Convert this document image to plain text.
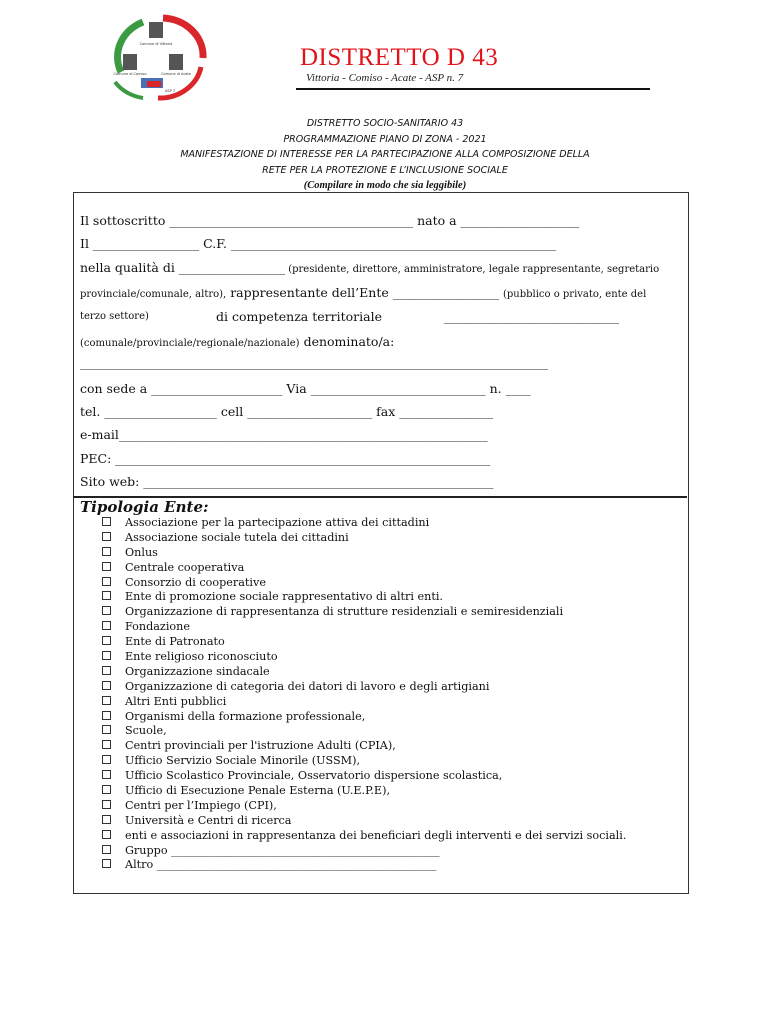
Comune di Vittoria
Comune di Comiso	Comune di Acate
ASP 7
DISTRETTO D 43
Vittoria - Comiso - Acate - ASP n. 7
DISTRETTO SOCIO-SANITARIO 43
PROGRAMMAZIONE PIANO DI ZONA - 2021
MANIFESTAZIONE DI INTERESSE PER LA PARTECIPAZIONE ALLA COMPOSIZIONE DELLA
RETE PER LA PROTEZIONE E L’INCLUSIONE SOCIALE
(Compilare in modo che sia leggibile)
Il sottoscritto _______________________________________ nato a ___________________
Il _________________ C.F. ____________________________________________________
nella qualità di _________________ (presidente, direttore, amministratore, legale rappresentante, segretario
provinciale/comunale, altro), rappresentante dell’Ente _________________ (pubblico o privato, ente del
terzo settore)	di competenza territoriale	____________________________
(comunale/provinciale/regionale/nazionale) denominato/a:
______________________________________________________________________________
con sede a _____________________ Via ____________________________ n. ____
tel. __________________ cell ____________________ fax _______________
e-mail___________________________________________________________
PEC: ____________________________________________________________
Sito web: ________________________________________________________
Tipologia Ente:
Associazione per la partecipazione attiva dei cittadini
Associazione sociale tutela dei cittadini
Onlus
Centrale cooperativa
Consorzio di cooperative
Ente di promozione sociale rappresentativo di altri enti.
Organizzazione di rappresentanza di strutture residenziali e semiresidenziali
Fondazione
Ente di Patronato
Ente religioso riconosciuto
Organizzazione sindacale
Organizzazione di categoria dei datori di lavoro e degli artigiani
Altri Enti pubblici
Organismi della formazione professionale,
Scuole,
Centri provinciali per l'istruzione Adulti (CPIA),
Ufficio Servizio Sociale Minorile (USSM),
Ufficio Scolastico Provinciale, Osservatorio dispersione scolastica,
Ufficio di Esecuzione Penale Esterna (U.E.P.E),
Centri per l’Impiego (CPI),
Università e Centri di ricerca
enti e associazioni in rappresentanza dei beneficiari degli interventi e dei servizi sociali.
Gruppo ________________________________________________
Altro __________________________________________________
